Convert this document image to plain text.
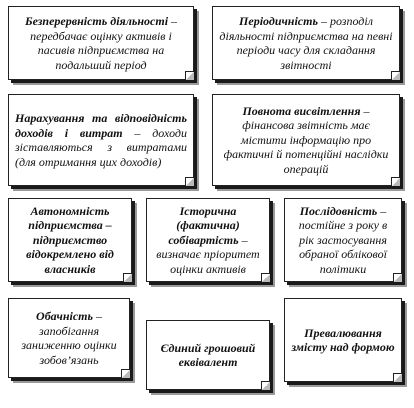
Безперервність діяльності – передбачає оцінку активів і пасивів підприємства на подальший період
Періодичність – розподіл діяльності підприємства на певні періоди часу для складання звітності
Нарахування та відповідність доходів і витрат – доходи зіставляються з витратами (для отримання цих доходів)
Повнота висвітлення – фінансова звітність має містити інформацію про фактичні й потенційні наслідки операцій
Автономність підприємства – підприємство відокремлено від власників
Історична (фактична) собівартість – визначає пріоритет оцінки активів
Послідовність – постійне з року в рік застосування обраної облікової політики
Обачність – запобігання заниженню оцінки зобов’язань
Єдиний грошовий еквівалент
Превалювання змісту над формою
